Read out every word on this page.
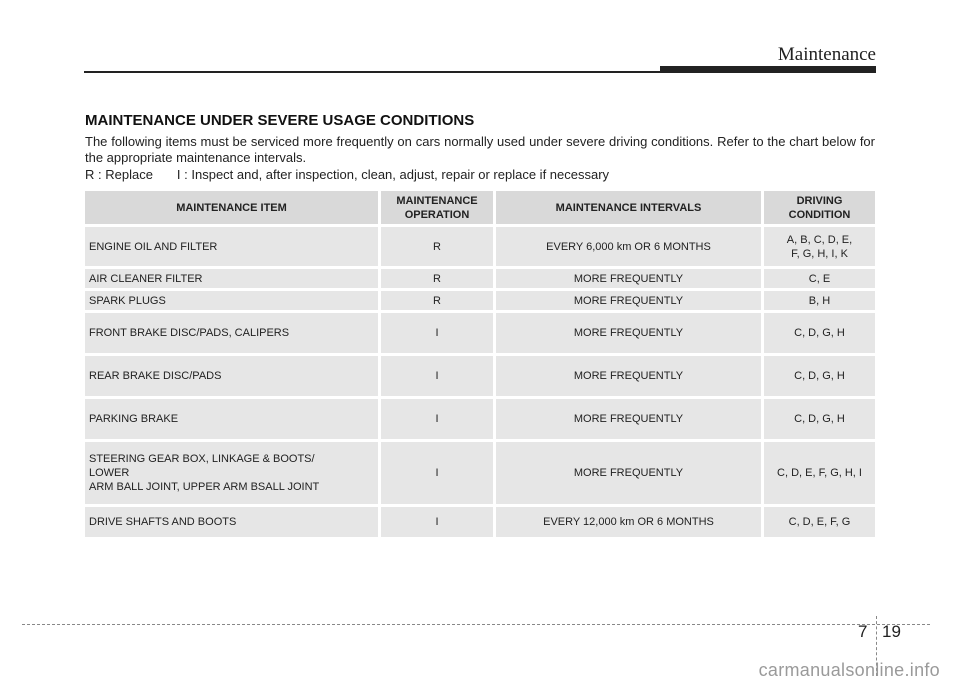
Maintenance
MAINTENANCE UNDER SEVERE USAGE CONDITIONS

The following items must be serviced more frequently on cars normally used under severe driving conditions. Refer to the chart below for the appropriate maintenance intervals.

R : Replace I : Inspect and, after inspection, clean, adjust, repair or replace if necessary

MAINTENANCE ITEM	MAINTENANCE OPERATION	MAINTENANCE INTERVALS	DRIVING CONDITION
ENGINE OIL AND FILTER	R	EVERY 6,000 km OR 6 MONTHS	A, B, C, D, E, F, G, H, I, K
AIR CLEANER FILTER	R	MORE FREQUENTLY	C, E
SPARK PLUGS	R	MORE FREQUENTLY	B, H
FRONT BRAKE DISC/PADS, CALIPERS	I	MORE FREQUENTLY	C, D, G, H
REAR BRAKE DISC/PADS	I	MORE FREQUENTLY	C, D, G, H
PARKING BRAKE	I	MORE FREQUENTLY	C, D, G, H

STEERING GEAR BOX, LINKAGE & BOOTS/
LOWER
ARM BALL JOINT, UPPER ARM BSALL JOINT	I	MORE FREQUENTLY	C, D, E, F, G, H, I
DRIVE SHAFTS AND BOOTS	I	EVERY 12,000 km OR 6 MONTHS	C, D, E, F, G
7 19
carmanualsonline.info
